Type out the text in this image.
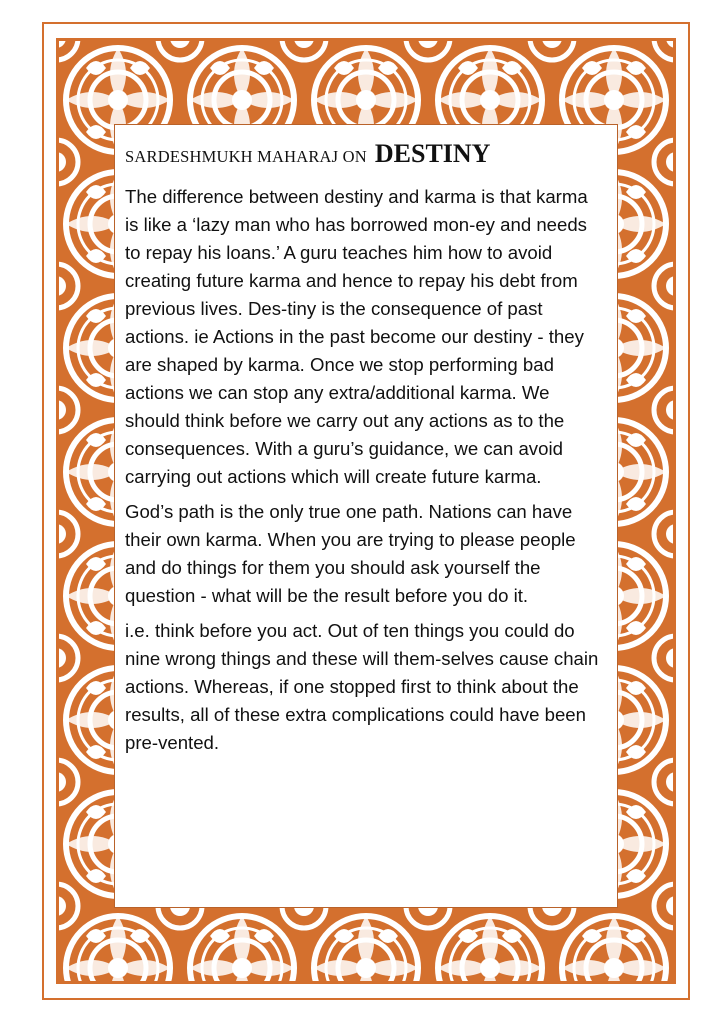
SARDESHMUKH MAHARAJ ON DESTINY

The difference between destiny and karma is that karma is like a ‘lazy man who has borrowed mon-ey and needs to repay his loans.’ A guru teaches him how to avoid creating future karma and hence to repay his debt from previous lives. Des-tiny is the consequence of past actions. ie Actions in the past become our destiny - they are shaped by karma. Once we stop performing bad actions we can stop any extra/additional karma. We should think before we carry out any actions as to the consequences. With a guru’s guidance, we can avoid carrying out actions which will create future karma.

God’s path is the only true one path. Nations can have their own karma. When you are trying to please people and do things for them you should ask yourself the question - what will be the result before you do it.

i.e. think before you act. Out of ten things you could do nine wrong things and these will them-selves cause chain actions. Whereas, if one stopped first to think about the results, all of these extra complications could have been pre-vented.
